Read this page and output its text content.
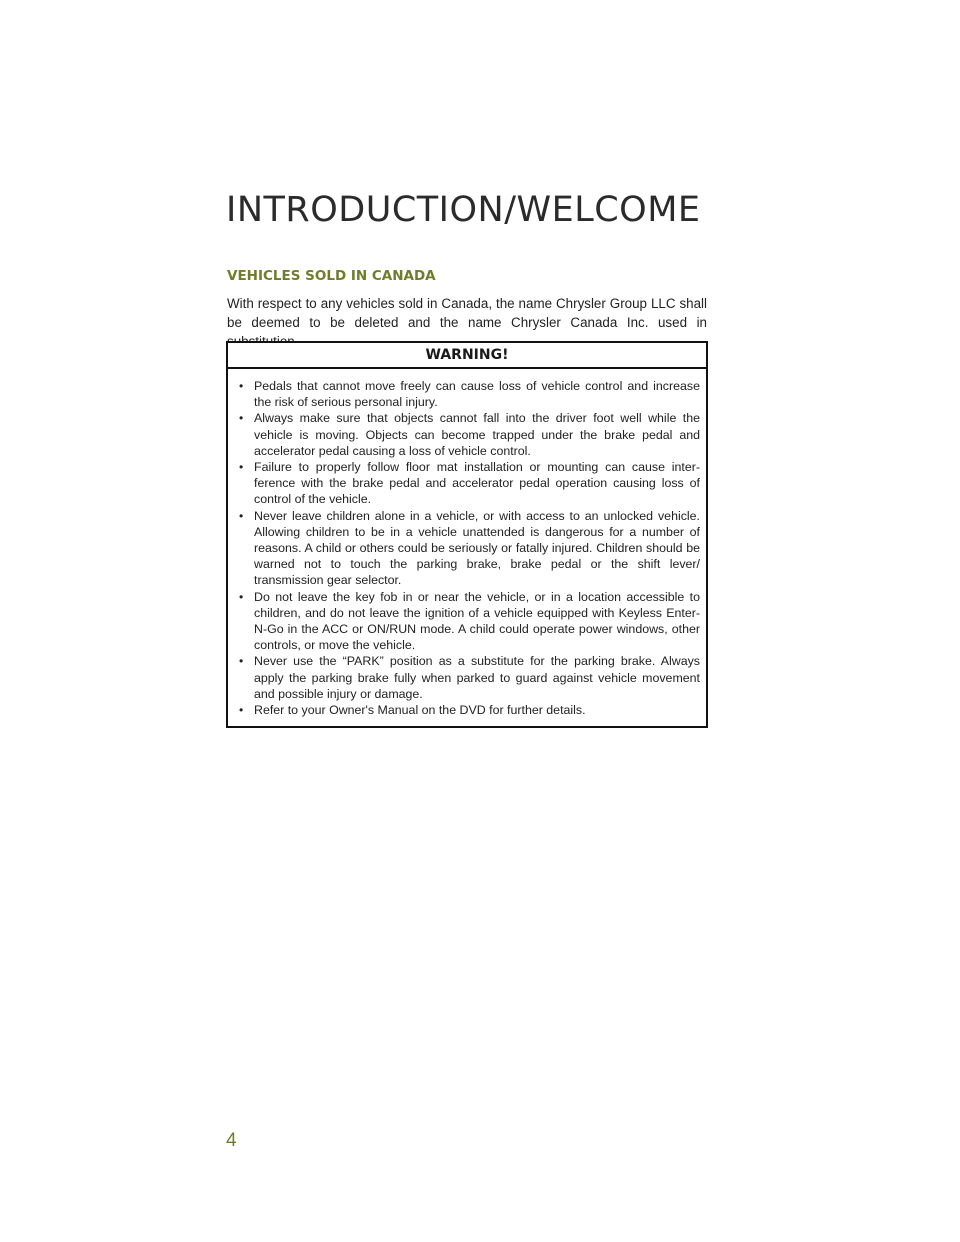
INTRODUCTION/WELCOME
VEHICLES SOLD IN CANADA

With respect to any vehicles sold in Canada, the name Chrysler Group LLC shall be deemed to be deleted and the name Chrysler Canada Inc. used in

WARNING!
• Pedals that cannot move freely can cause loss of vehicle control and increase the risk of serious personal injury.
• Always make sure that objects cannot fall into the driver foot well while the vehicle is moving. Objects can become trapped under the brake pedal and accelerator pedal causing a loss of vehicle control.
• Failure to properly follow floor mat installation or mounting can cause inter-ference with the brake pedal and accelerator pedal operation causing loss of control of the vehicle.
• Never leave children alone in a vehicle, or with access to an unlocked vehicle. Allowing children to be in a vehicle unattended is dangerous for a number of reasons. A child or others could be seriously or fatally injured. Children should be warned not to touch the parking brake, brake pedal or the shift lever/ transmission gear selector.
• Do not leave the key fob in or near the vehicle, or in a location accessible to children, and do not leave the ignition of a vehicle equipped with Keyless Enter-N-Go in the ACC or ON/RUN mode. A child could operate power windows, other controls, or move the vehicle.
• Never use the “PARK” position as a substitute for the parking brake. Always apply the parking brake fully when parked to guard against vehicle movement and possible injury or damage.
• Refer to your Owner's Manual on the DVD for further details.
4
